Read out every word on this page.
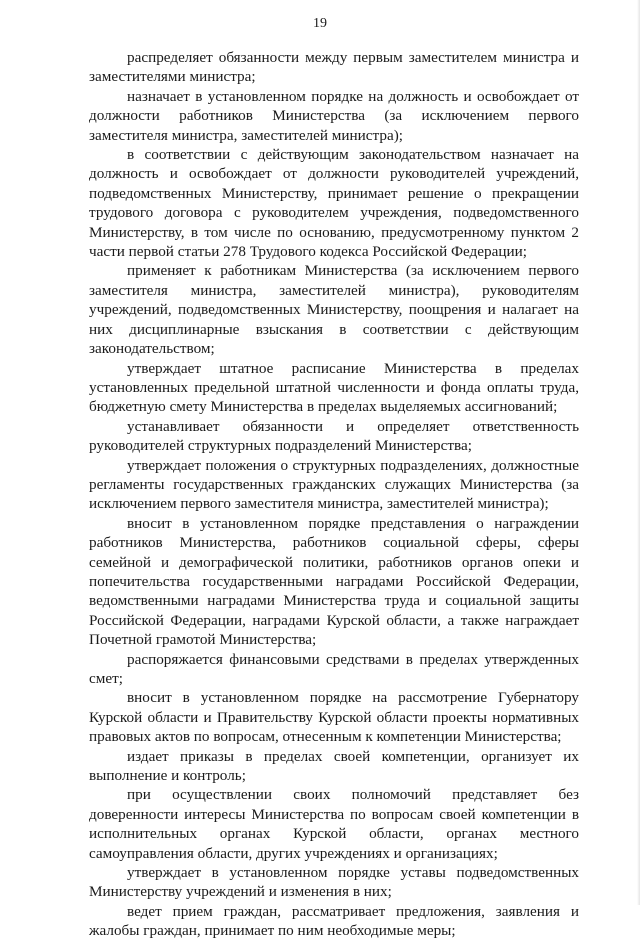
19

распределяет обязанности между первым заместителем министра и заместителями министра;

назначает в установленном порядке на должность и освобождает от должности работников Министерства (за исключением первого заместителя министра, заместителей министра);

в соответствии с действующим законодательством назначает на должность и освобождает от должности руководителей учреждений, подведомственных Министерству, принимает решение о прекращении трудового договора с руководителем учреждения, подведомственного Министерству, в том числе по основанию, предусмотренному пунктом 2 части первой статьи 278 Трудового кодекса Российской Федерации;

применяет к работникам Министерства (за исключением первого заместителя министра, заместителей министра), руководителям учреждений, подведомственных Министерству, поощрения и налагает на них дисциплинарные взыскания в соответствии с действующим законодательством;

утверждает штатное расписание Министерства в пределах установленных предельной штатной численности и фонда оплаты труда, бюджетную смету Министерства в пределах выделяемых ассигнований;

устанавливает обязанности и определяет ответственность руководителей структурных подразделений Министерства;

утверждает положения о структурных подразделениях, должностные регламенты государственных гражданских служащих Министерства (за исключением первого заместителя министра, заместителей министра);

вносит в установленном порядке представления о награждении работников Министерства, работников социальной сферы, сферы семейной и демографической политики, работников органов опеки и попечительства государственными наградами Российской Федерации, ведомственными наградами Министерства труда и социальной защиты Российской Федерации, наградами Курской области, а также награждает Почетной грамотой Министерства;

распоряжается финансовыми средствами в пределах утвержденных смет;

вносит в установленном порядке на рассмотрение Губернатору Курской области и Правительству Курской области проекты нормативных правовых актов по вопросам, отнесенным к компетенции Министерства;

издает приказы в пределах своей компетенции, организует их выполнение и контроль;

при осуществлении своих полномочий представляет без доверенности интересы Министерства по вопросам своей компетенции в исполнительных органах Курской области, органах местного самоуправления области, других учреждениях и организациях;

утверждает в установленном порядке уставы подведомственных Министерству учреждений и изменения в них;

ведет прием граждан, рассматривает предложения, заявления и жалобы граждан, принимает по ним необходимые меры;
